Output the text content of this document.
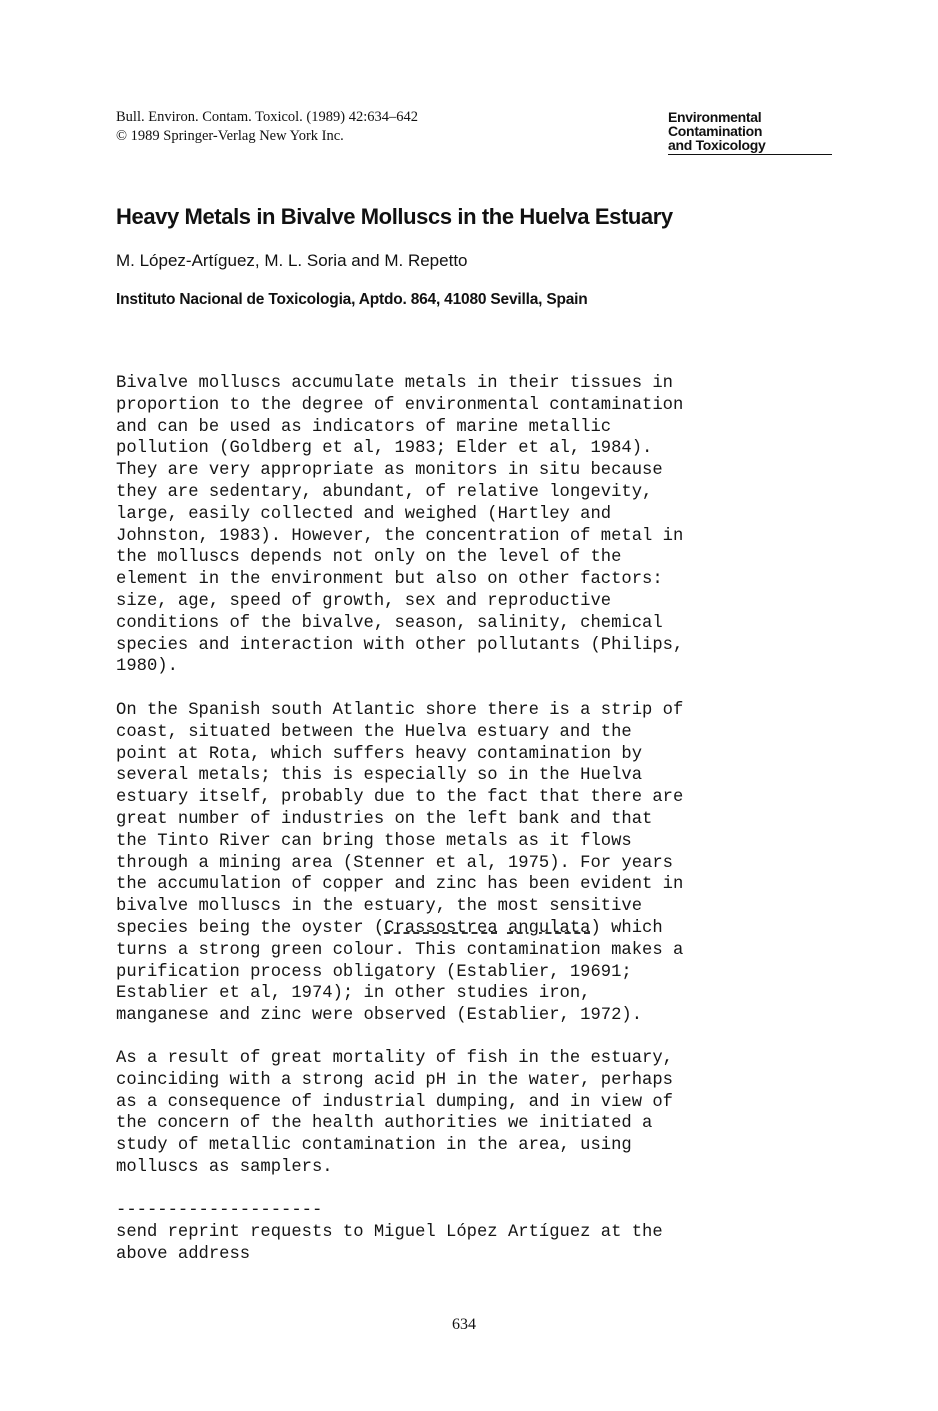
Bull. Environ. Contam. Toxicol. (1989) 42:634–642
© 1989 Springer-Verlag New York Inc.
Environmental
Contamination
and Toxicology
Heavy Metals in Bivalve Molluscs in the Huelva Estuary
M. López-Artíguez, M. L. Soria and M. Repetto
Instituto Nacional de Toxicologia, Aptdo. 864, 41080 Sevilla, Spain
Bivalve molluscs accumulate metals in their tissues in
proportion to the degree of environmental contamination
and can be used as indicators of marine metallic
pollution (Goldberg et al, 1983; Elder et al, 1984).
They are very appropriate as monitors in situ because
they are sedentary, abundant, of relative longevity,
large, easily collected and weighed (Hartley and
Johnston, 1983). However, the concentration of metal in
the molluscs depends not only on the level of the
element in the environment but also on other factors:
size, age, speed of growth, sex and reproductive
conditions of the bivalve, season, salinity, chemical
species and interaction with other pollutants (Philips,
1980).
On the Spanish south Atlantic shore there is a strip of
coast, situated between the Huelva estuary and the
point at Rota, which suffers heavy contamination by
several metals; this is especially so in the Huelva
estuary itself, probably due to the fact that there are
great number of industries on the left bank and that
the Tinto River can bring those metals as it flows
through a mining area (Stenner et al, 1975). For years
the accumulation of copper and zinc has been evident in
bivalve molluscs in the estuary, the most sensitive
species being the oyster (Crassostrea angulata) which
turns a strong green colour. This contamination makes a
purification process obligatory (Establier, 19691;
Establier et al, 1974); in other studies iron,
manganese and zinc were observed (Establier, 1972).
As a result of great mortality of fish in the estuary,
coinciding with a strong acid pH in the water, perhaps
as a consequence of industrial dumping, and in view of
the concern of the health authorities we initiated a
study of metallic contamination in the area, using
molluscs as samplers.
--------------------
send reprint requests to Miguel López Artíguez at the
above address
634
